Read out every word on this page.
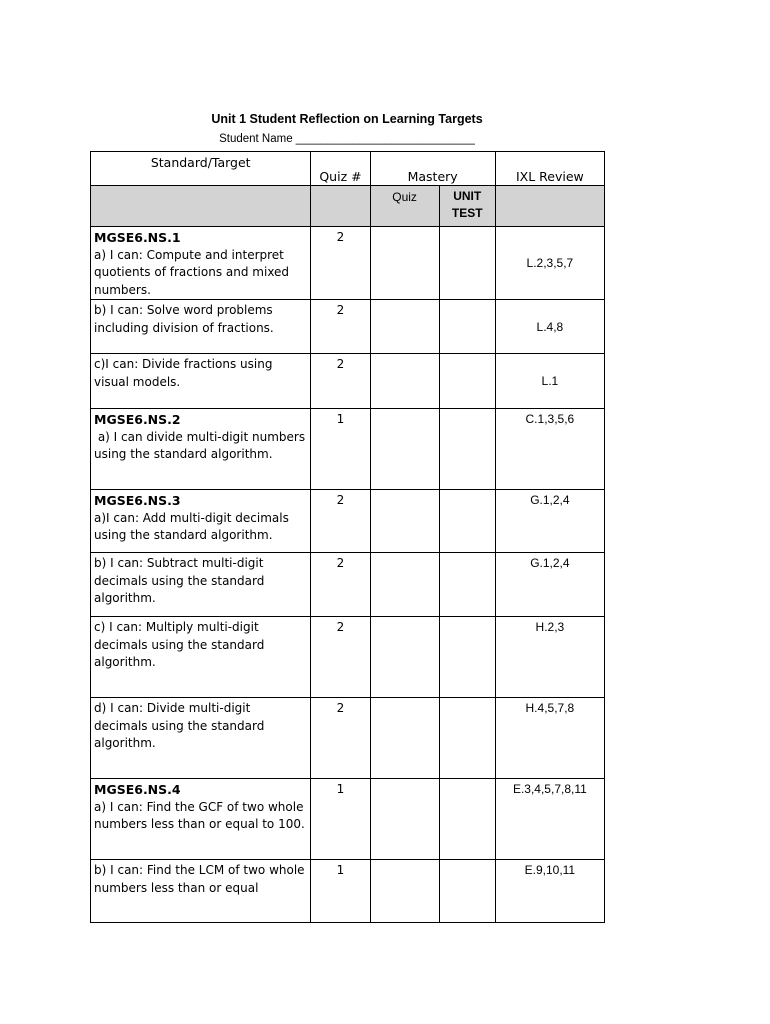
Unit 1 Student Reflection on Learning Targets
Student Name ____________________________
Standard/Target	Quiz #	Mastery		IXL Review
		Quiz	UNIT TEST	

MGSE6.NS.1
a) I can: Compute and interpret quotients of fractions and mixed numbers.	2			L.2,3,5,7

b) I can: Solve word problems including division of fractions.	2			L.4,8

c)I can: Divide fractions using visual models.	2			L.1

MGSE6.NS.2
a) I can divide multi-digit numbers using the standard algorithm.	1			C.1,3,5,6

MGSE6.NS.3
a)I can: Add multi-digit decimals using the standard algorithm.	2			G.1,2,4

b) I can: Subtract multi-digit decimals using the standard algorithm.	2			G.1,2,4

c) I can: Multiply multi-digit decimals using the standard algorithm.	2			H.2,3

d) I can: Divide multi-digit decimals using the standard algorithm.	2			H.4,5,7,8

MGSE6.NS.4
a) I can: Find the GCF of two whole numbers less than or equal to 100.	1			E.3,4,5,7,8,11

b) I can: Find the LCM of two whole numbers less than or equal	1			E.9,10,11
